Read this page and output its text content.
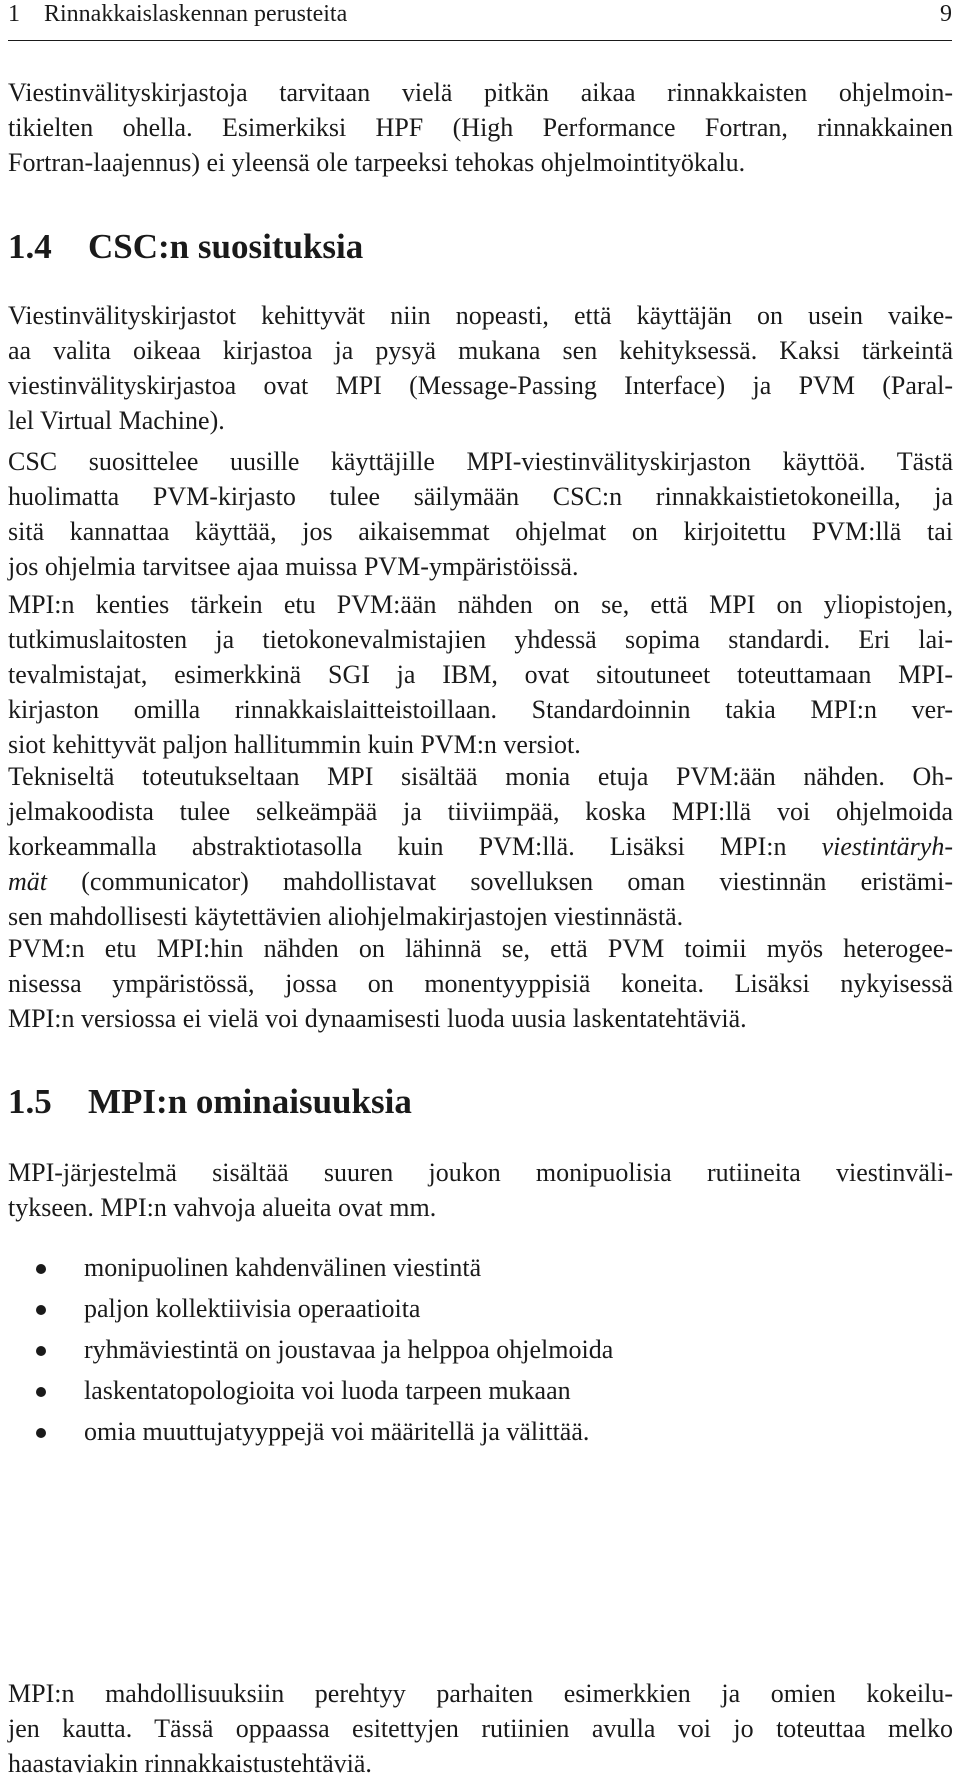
1 Rinnakkaislaskennan perusteita	9

Viestinvälityskirjastoja tarvitaan vielä pitkän aikaa rinnakkaisten ohjelmoin-
tikielten ohella. Esimerkiksi HPF (High Performance Fortran, rinnakkainen
Fortran-laajennus) ei yleensä ole tarpeeksi tehokas ohjelmointityökalu.

1.4 CSC:n suosituksia

Viestinvälityskirjastot kehittyvät niin nopeasti, että käyttäjän on usein vaike-
aa valita oikeaa kirjastoa ja pysyä mukana sen kehityksessä. Kaksi tärkeintä
viestinvälityskirjastoa ovat MPI (Message-Passing Interface) ja PVM (Paral-
lel Virtual Machine).

CSC suosittelee uusille käyttäjille MPI-viestinvälityskirjaston käyttöä. Tästä
huolimatta PVM-kirjasto tulee säilymään CSC:n rinnakkaistietokoneilla, ja
sitä kannattaa käyttää, jos aikaisemmat ohjelmat on kirjoitettu PVM:llä tai
jos ohjelmia tarvitsee ajaa muissa PVM-ympäristöissä.

MPI:n kenties tärkein etu PVM:ään nähden on se, että MPI on yliopistojen,
tutkimuslaitosten ja tietokonevalmistajien yhdessä sopima standardi. Eri lai-
tevalmistajat, esimerkkinä SGI ja IBM, ovat sitoutuneet toteuttamaan MPI-
kirjaston omilla rinnakkaislaitteistoillaan. Standardoinnin takia MPI:n ver-
siot kehittyvät paljon hallitummin kuin PVM:n versiot.

Tekniseltä toteutukseltaan MPI sisältää monia etuja PVM:ään nähden. Oh-
jelmakoodista tulee selkeämpää ja tiiviimpää, koska MPI:llä voi ohjelmoida
korkeammalla abstraktiotasolla kuin PVM:llä. Lisäksi MPI:n viestintäryh-
mät (communicator) mahdollistavat sovelluksen oman viestinnän eristämi-
sen mahdollisesti käytettävien aliohjelmakirjastojen viestinnästä.

PVM:n etu MPI:hin nähden on lähinnä se, että PVM toimii myös heterogee-
nisessa ympäristössä, jossa on monentyyppisiä koneita. Lisäksi nykyisessä
MPI:n versiossa ei vielä voi dynaamisesti luoda uusia laskentatehtäviä.

1.5 MPI:n ominaisuuksia

MPI-järjestelmä sisältää suuren joukon monipuolisia rutiineita viestinväli-
tykseen. MPI:n vahvoja alueita ovat mm.

monipuolinen kahdenvälinen viestintä
paljon kollektiivisia operaatioita
ryhmäviestintä on joustavaa ja helppoa ohjelmoida
laskentatopologioita voi luoda tarpeen mukaan
omia muuttujatyyppejä voi määritellä ja välittää.

MPI:n mahdollisuuksiin perehtyy parhaiten esimerkkien ja omien kokeilu-
jen kautta. Tässä oppaassa esitettyjen rutiinien avulla voi jo toteuttaa melko
haastaviakin rinnakkaistustehtäviä.
